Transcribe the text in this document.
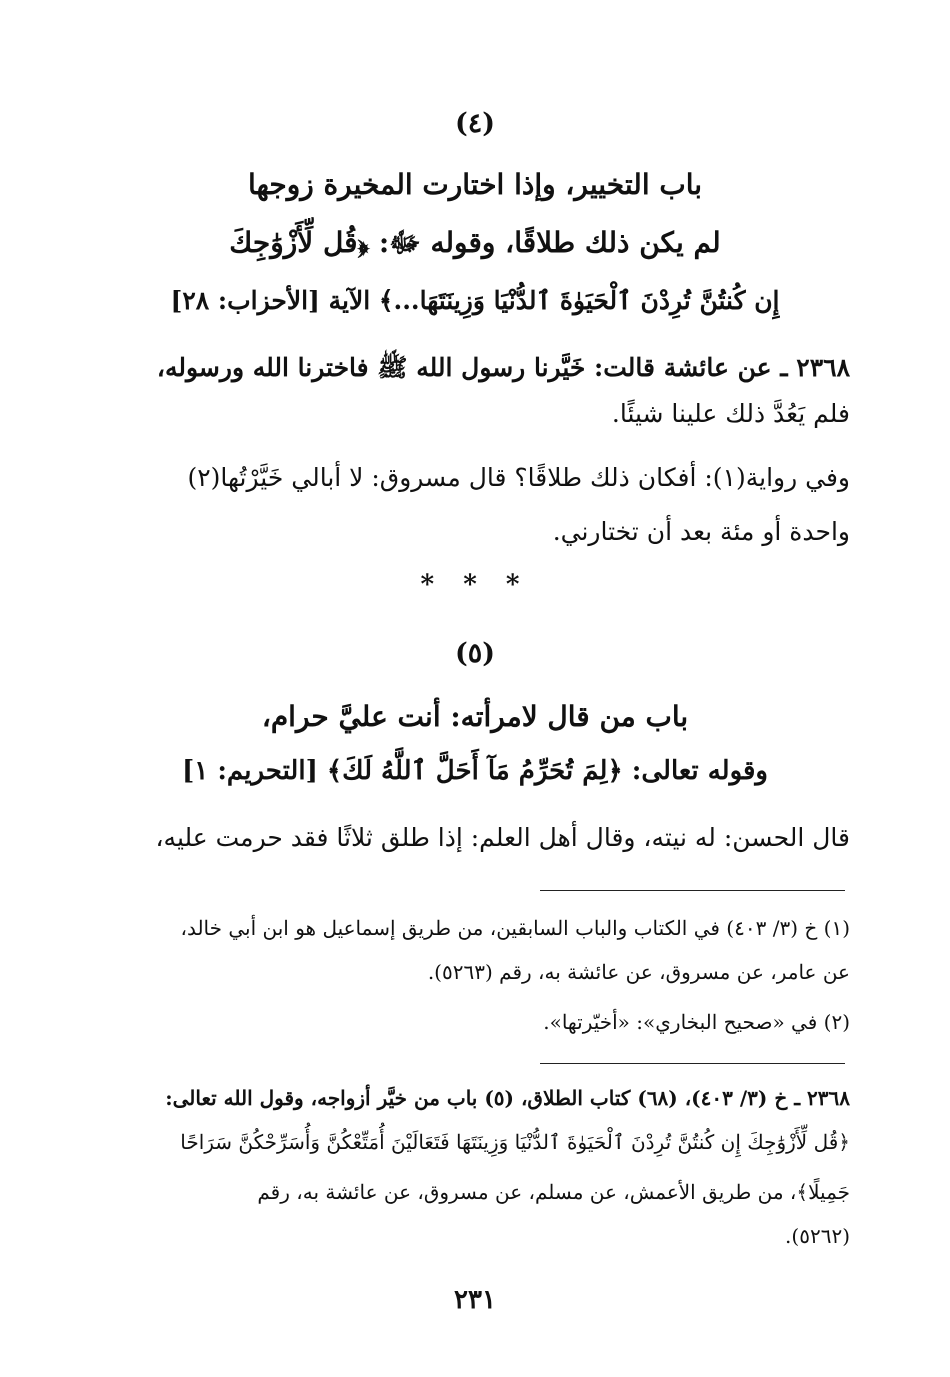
(٤)
باب التخيير، وإذا اختارت المخيرة زوجها
لم يكن ذلك طلاقًا، وقوله ﷻ: ﴿قُل لِّأَزْوَٰجِكَ
إِن كُنتُنَّ تُرِدْنَ ٱلْحَيَوٰةَ ٱلدُّنْيَا وَزِينَتَهَا...﴾ الآية [الأحزاب: ٢٨]
٢٣٦٨ ـ عن عائشة قالت: خَيَّرنا رسول الله ﷺ فاخترنا الله ورسوله،
فلم يَعُدَّ ذلك علينا شيئًا.
وفي رواية(١): أفكان ذلك طلاقًا؟ قال مسروق: لا أبالي خَيَّرْتُها(٢)
واحدة أو مئة بعد أن تختارني.
* * *
(٥)
باب من قال لامرأته: أنت عليَّ حرام،
وقوله تعالى: ﴿لِمَ تُحَرِّمُ مَآ أَحَلَّ ٱللَّهُ لَكَ﴾ [التحريم: ١]
قال الحسن: له نيته، وقال أهل العلم: إذا طلق ثلاثًا فقد حرمت عليه،
(١) خ (٣/ ٤٠٣) في الكتاب والباب السابقين، من طريق إسماعيل هو ابن أبي خالد،
عن عامر، عن مسروق، عن عائشة به، رقم (٥٢٦٣).
(٢) في «صحيح البخاري»: «أخيّرتها».
٢٣٦٨ ـ خ (٣/ ٤٠٣)، (٦٨) كتاب الطلاق، (٥) باب من خيَّر أزواجه، وقول الله تعالى:
﴿قُل لِّأَزْوَٰجِكَ إِن كُنتُنَّ تُرِدْنَ ٱلْحَيَوٰةَ ٱلدُّنْيَا وَزِينَتَهَا فَتَعَالَيْنَ أُمَتِّعْكُنَّ وَأُسَرِّحْكُنَّ سَرَاحًا
جَمِيلًا﴾، من طريق الأعمش، عن مسلم، عن مسروق، عن عائشة به، رقم
(٥٢٦٢).
٢٣١
